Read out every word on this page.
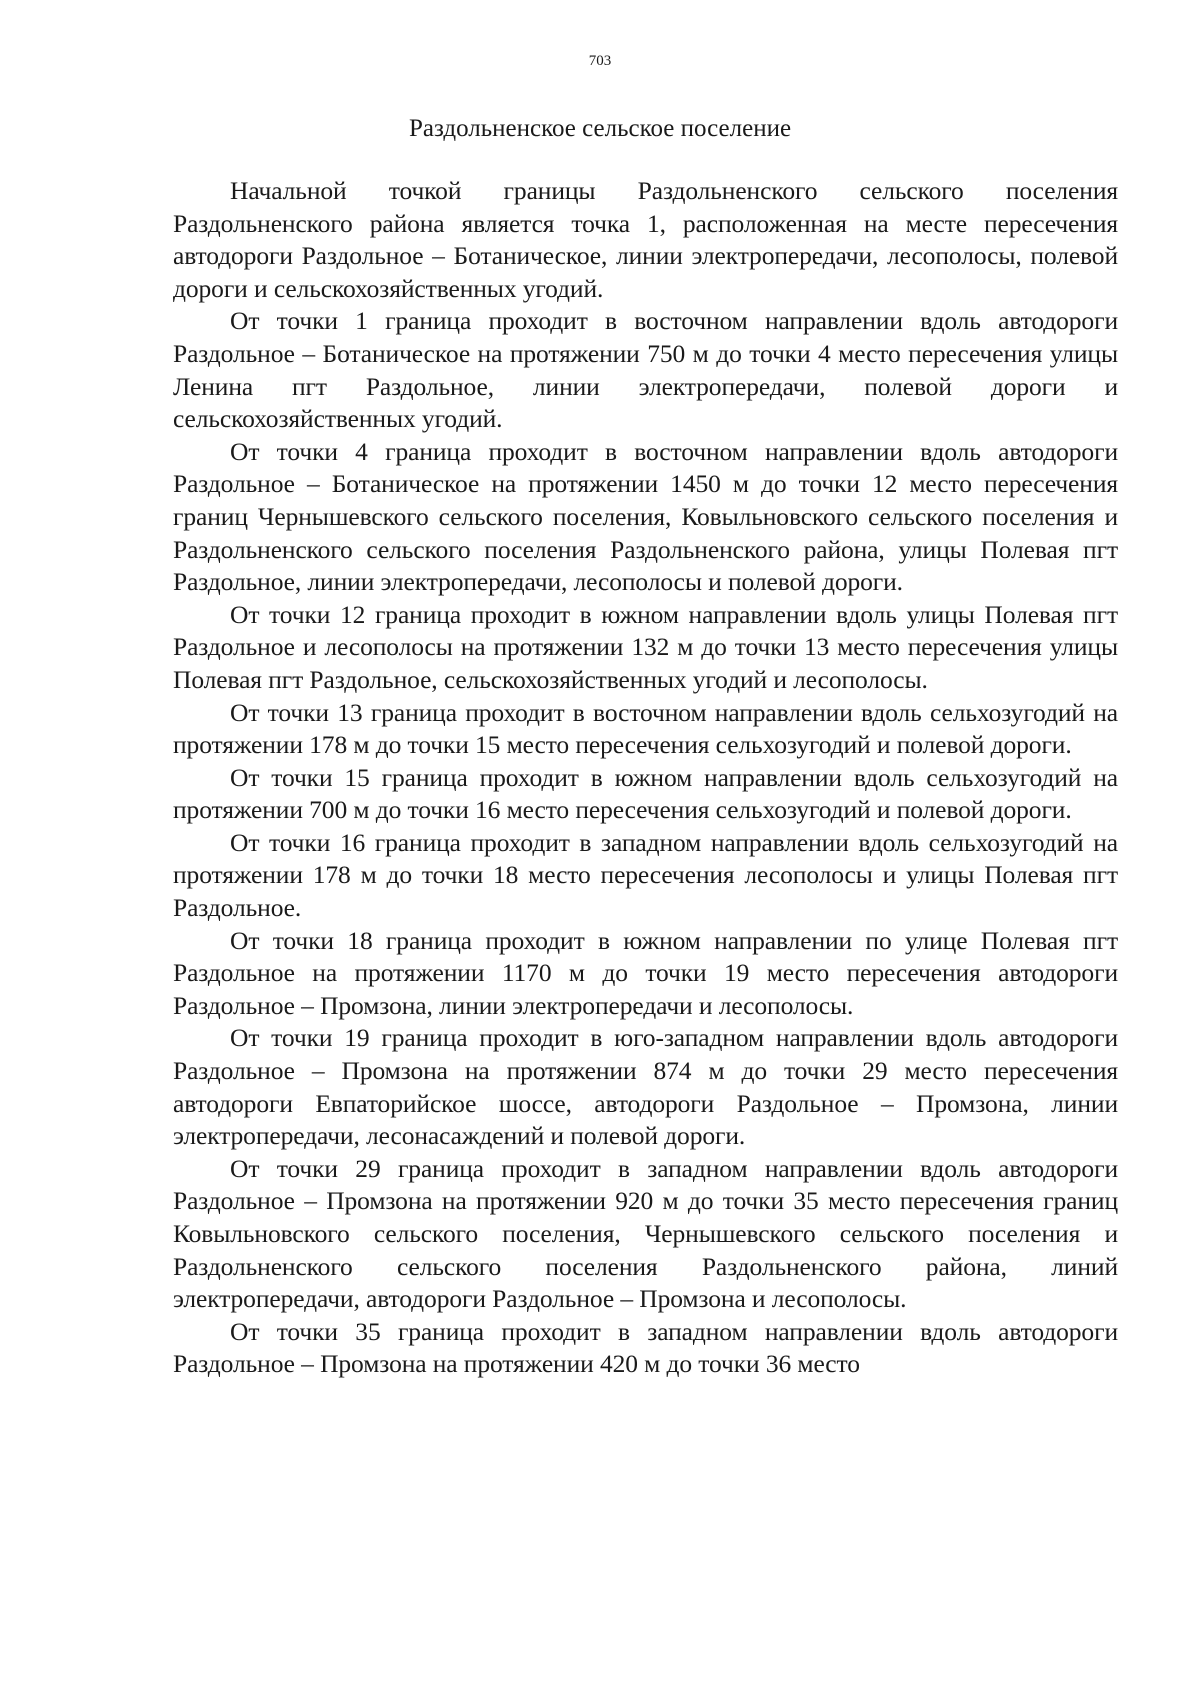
703
Раздольненское сельское поселение

Начальной точкой границы Раздольненского сельского поселения Раздольненского района является точка 1, расположенная на месте пересечения автодороги Раздольное – Ботаническое, линии электропередачи, лесополосы, полевой дороги и сельскохозяйственных угодий.

От точки 1 граница проходит в восточном направлении вдоль автодороги Раздольное – Ботаническое на протяжении 750 м до точки 4 место пересечения улицы Ленина пгт Раздольное, линии электропередачи, полевой дороги и сельскохозяйственных угодий.

От точки 4 граница проходит в восточном направлении вдоль автодороги Раздольное – Ботаническое на протяжении 1450 м до точки 12 место пересечения границ Чернышевского сельского поселения, Ковыльновского сельского поселения и Раздольненского сельского поселения Раздольненского района, улицы Полевая пгт Раздольное, линии электропередачи, лесополосы и полевой дороги.

От точки 12 граница проходит в южном направлении вдоль улицы Полевая пгт Раздольное и лесополосы на протяжении 132 м до точки 13 место пересечения улицы Полевая пгт Раздольное, сельскохозяйственных угодий и лесополосы.

От точки 13 граница проходит в восточном направлении вдоль сельхозугодий на протяжении 178 м до точки 15 место пересечения сельхозугодий и полевой дороги.

От точки 15 граница проходит в южном направлении вдоль сельхозугодий на протяжении 700 м до точки 16 место пересечения сельхозугодий и полевой дороги.

От точки 16 граница проходит в западном направлении вдоль сельхозугодий на протяжении 178 м до точки 18 место пересечения лесополосы и улицы Полевая пгт Раздольное.

От точки 18 граница проходит в южном направлении по улице Полевая пгт Раздольное на протяжении 1170 м до точки 19 место пересечения автодороги Раздольное – Промзона, линии электропередачи и лесополосы.

От точки 19 граница проходит в юго-западном направлении вдоль автодороги Раздольное – Промзона на протяжении 874 м до точки 29 место пересечения автодороги Евпаторийское шоссе, автодороги Раздольное – Промзона, линии электропередачи, лесонасаждений и полевой дороги.

От точки 29 граница проходит в западном направлении вдоль автодороги Раздольное – Промзона на протяжении 920 м до точки 35 место пересечения границ Ковыльновского сельского поселения, Чернышевского сельского поселения и Раздольненского сельского поселения Раздольненского района, линий электропередачи, автодороги Раздольное – Промзона и лесополосы.

От точки 35 граница проходит в западном направлении вдоль автодороги Раздольное – Промзона на протяжении 420 м до точки 36 место
